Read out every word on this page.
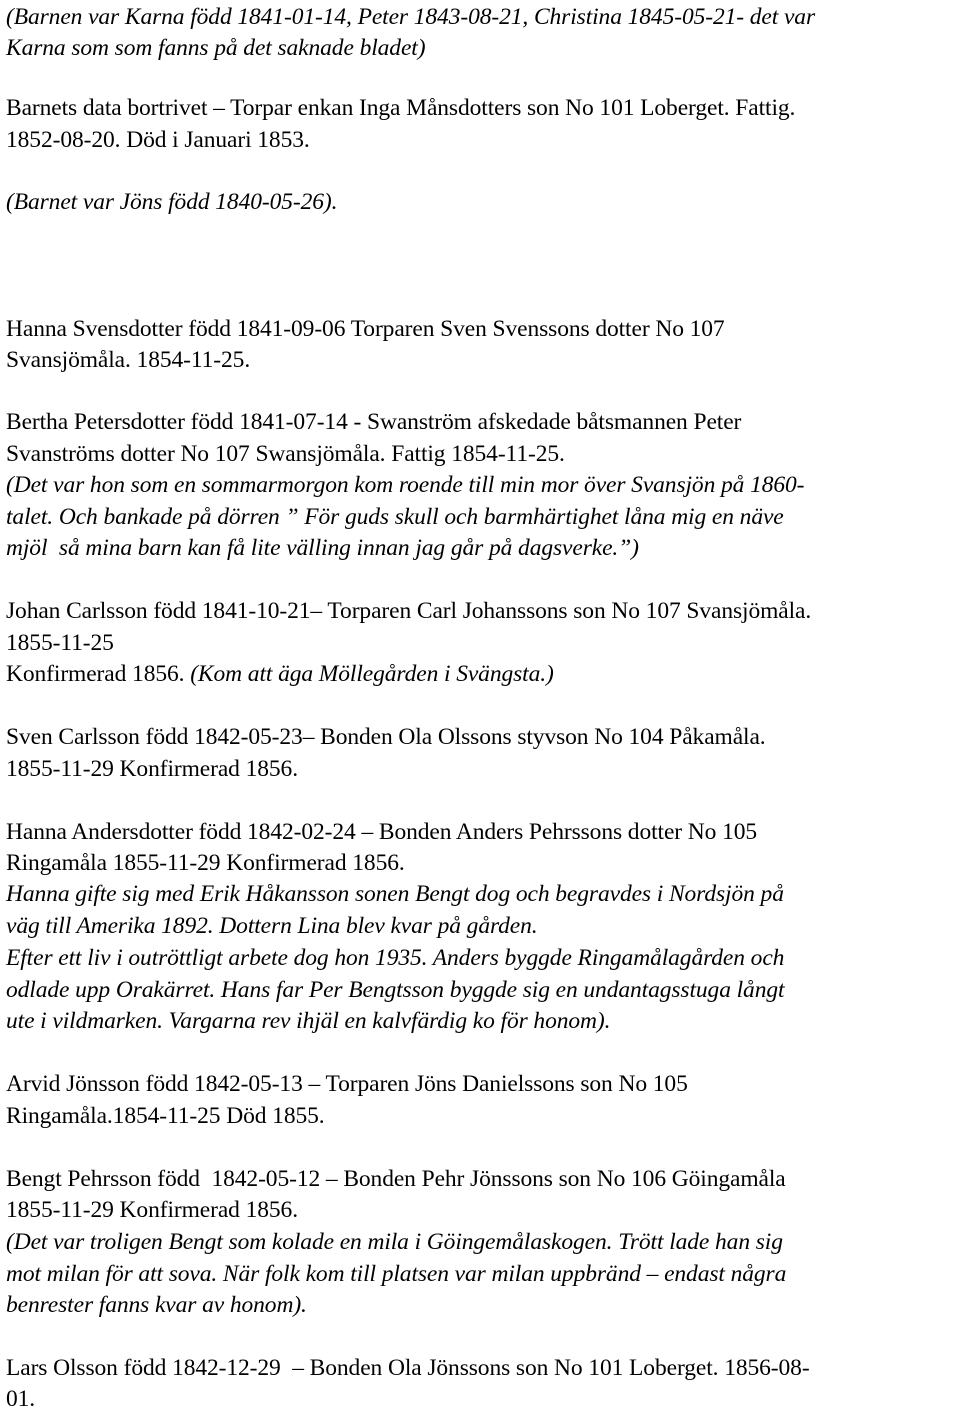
(Barnen var Karna född 1841-01-14, Peter 1843-08-21, Christina 1845-05-21- det var

Karna som som fanns på det saknade bladet)

Barnets data bortrivet – Torpar enkan Inga Månsdotters son No 101 Loberget. Fattig.

1852-08-20. Död i Januari 1853.

(Barnet var Jöns född 1840-05-26).

Hanna Svensdotter född 1841-09-06 Torparen Sven Svenssons dotter No 107

Svansjömåla. 1854-11-25.

Bertha Petersdotter född 1841-07-14 - Swanström afskedade båtsmannen Peter

Svanströms dotter No 107 Swansjömåla. Fattig 1854-11-25.

(Det var hon som en sommarmorgon kom roende till min mor över Svansjön på 1860-

talet. Och bankade på dörren ” För guds skull och barmhärtighet låna mig en näve

mjöl  så mina barn kan få lite välling innan jag går på dagsverke.”)

Johan Carlsson född 1841-10-21– Torparen Carl Johanssons son No 107 Svansjömåla.

1855-11-25

Konfirmerad 1856. (Kom att äga Möllegården i Svängsta.)

Sven Carlsson född 1842-05-23– Bonden Ola Olssons styvson No 104 Påkamåla.

1855-11-29 Konfirmerad 1856.

Hanna Andersdotter född 1842-02-24 – Bonden Anders Pehrssons dotter No 105

Ringamåla 1855-11-29 Konfirmerad 1856.

Hanna gifte sig med Erik Håkansson sonen Bengt dog och begravdes i Nordsjön på

väg till Amerika 1892. Dottern Lina blev kvar på gården.

Efter ett liv i outröttligt arbete dog hon 1935. Anders byggde Ringamålagården och

odlade upp Orakärret. Hans far Per Bengtsson byggde sig en undantagsstuga långt

ute i vildmarken. Vargarna rev ihjäl en kalvfärdig ko för honom).

Arvid Jönsson född 1842-05-13 – Torparen Jöns Danielssons son No 105

Ringamåla.1854-11-25 Död 1855.

Bengt Pehrsson född  1842-05-12 – Bonden Pehr Jönssons son No 106 Göingamåla

1855-11-29 Konfirmerad 1856.

(Det var troligen Bengt som kolade en mila i Göingemålaskogen. Trött lade han sig

mot milan för att sova. När folk kom till platsen var milan uppbränd – endast några

benrester fanns kvar av honom).

Lars Olsson född 1842-12-29  – Bonden Ola Jönssons son No 101 Loberget. 1856-08-

01.
